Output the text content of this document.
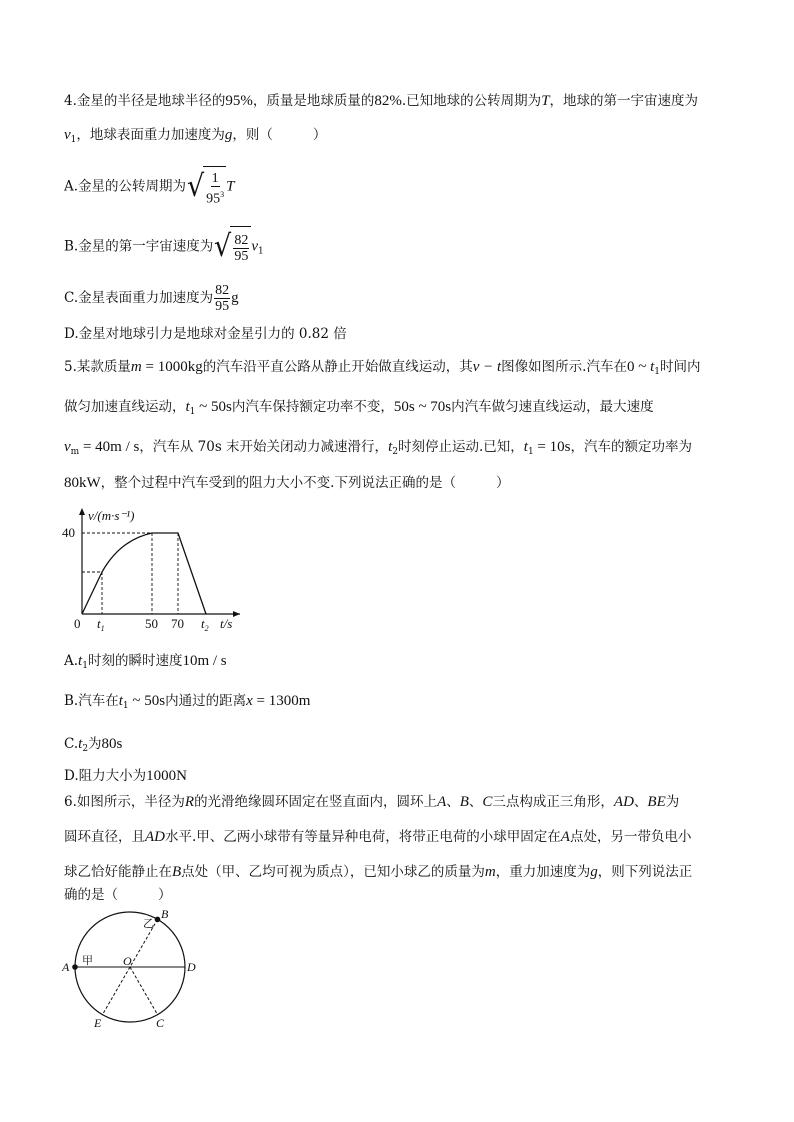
4.金星的半径是地球半径的95%，质量是地球质量的82%.已知地球的公转周期为T，地球的第一宇宙速度为
$v_1$，地球表面重力加速度为g，则（	）
A.金星的公转周期为 √ $\frac{1}{95^3}$ T
B.金星的第一宇宙速度为 √ $\frac{82}{95} v_1$
C.金星表面重力加速度为 $\frac{82}{95}$ g
D.金星对地球引力是地球对金星引力的 0.82 倍
5.某款质量m = 1000kg的汽车沿平直公路从静止开始做直线运动，其v − t图像如图所示.汽车在0 ~ $t_1$时间内
做匀加速直线运动，$t_1$ ~ 50s内汽车保持额定功率不变，50s ~ 70s内汽车做匀速直线运动，最大速度
$v_m = 40m / s$，汽车从 70s 末开始关闭动力减速滑行，$t_2$时刻停止运动.已知，$t_1 = 10s$，汽车的额定功率为
80kW，整个过程中汽车受到的阻力大小不变.下列说法正确的是（	）
v/(m·s⁻¹)
40
0 $t_1$	50 70 $t_2$ t/s
$A.t_1$时刻的瞬时速度10m / s
B.汽车在$t_1$ ~ 50s内通过的距离x = 1300m
$C.t_2$为80s
D.阻力大小为1000N
6.如图所示，半径为R的光滑绝缘圆环固定在竖直面内，圆环上A、B、C三点构成正三角形，AD、BE为
圆环直径，且AD水平.甲、乙两小球带有等量异种电荷，将带正电荷的小球甲固定在A点处，另一带负电小
球乙恰好能静止在B点处（甲、乙均可视为质点），已知小球乙的质量为m，重力加速度为g，则下列说法正
确的是（	）
A
B
C
D
E
O
乙
甲
